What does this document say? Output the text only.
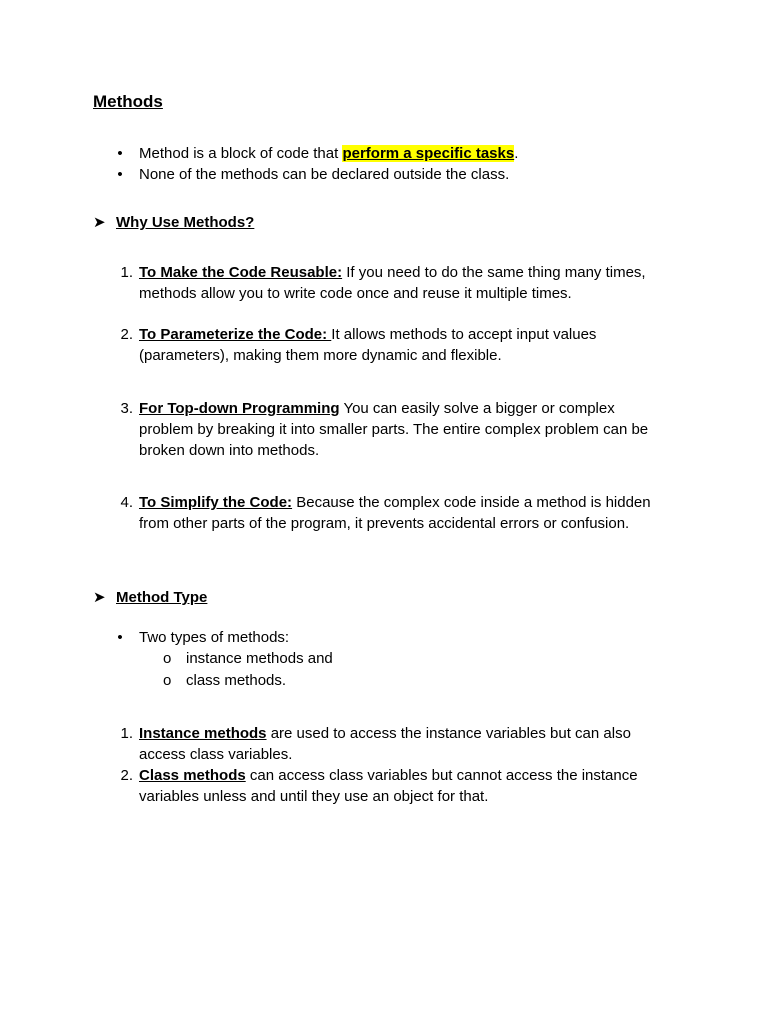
Methods
• Method is a block of code that perform a specific tasks.
• None of the methods can be declared outside the class.
➤ Why Use Methods?
1. To Make the Code Reusable: If you need to do the same thing many times, methods allow you to write code once and reuse it multiple times.
2. To Parameterize the Code: It allows methods to accept input values (parameters), making them more dynamic and flexible.
3. For Top-down Programming You can easily solve a bigger or complex problem by breaking it into smaller parts. The entire complex problem can be broken down into methods.
4. To Simplify the Code: Because the complex code inside a method is hidden from other parts of the program, it prevents accidental errors or confusion.
➤ Method Type
• Two types of methods:
o instance methods and
o class methods.
1. Instance methods are used to access the instance variables but can also access class variables.
2. Class methods can access class variables but cannot access the instance variables unless and until they use an object for that.
